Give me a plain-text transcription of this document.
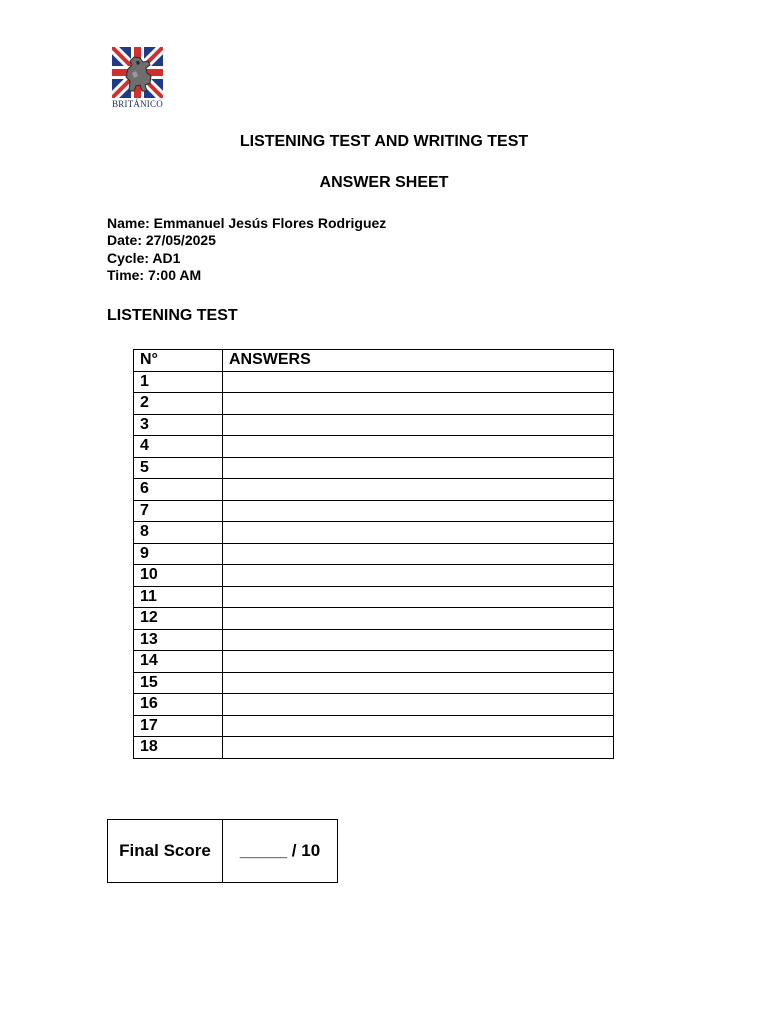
BRITÁNICO
LISTENING TEST AND WRITING TEST
ANSWER SHEET
Name: Emmanuel Jesús Flores Rodriguez
Date: 27/05/2025
Cycle: AD1
Time: 7:00 AM
LISTENING TEST
N°	ANSWERS
1	
2	
3	
4	
5	
6	
7	
8	
9	
10	
11	
12	
13	
14	
15	
16	
17	
18	
Final Score	_____ / 10
